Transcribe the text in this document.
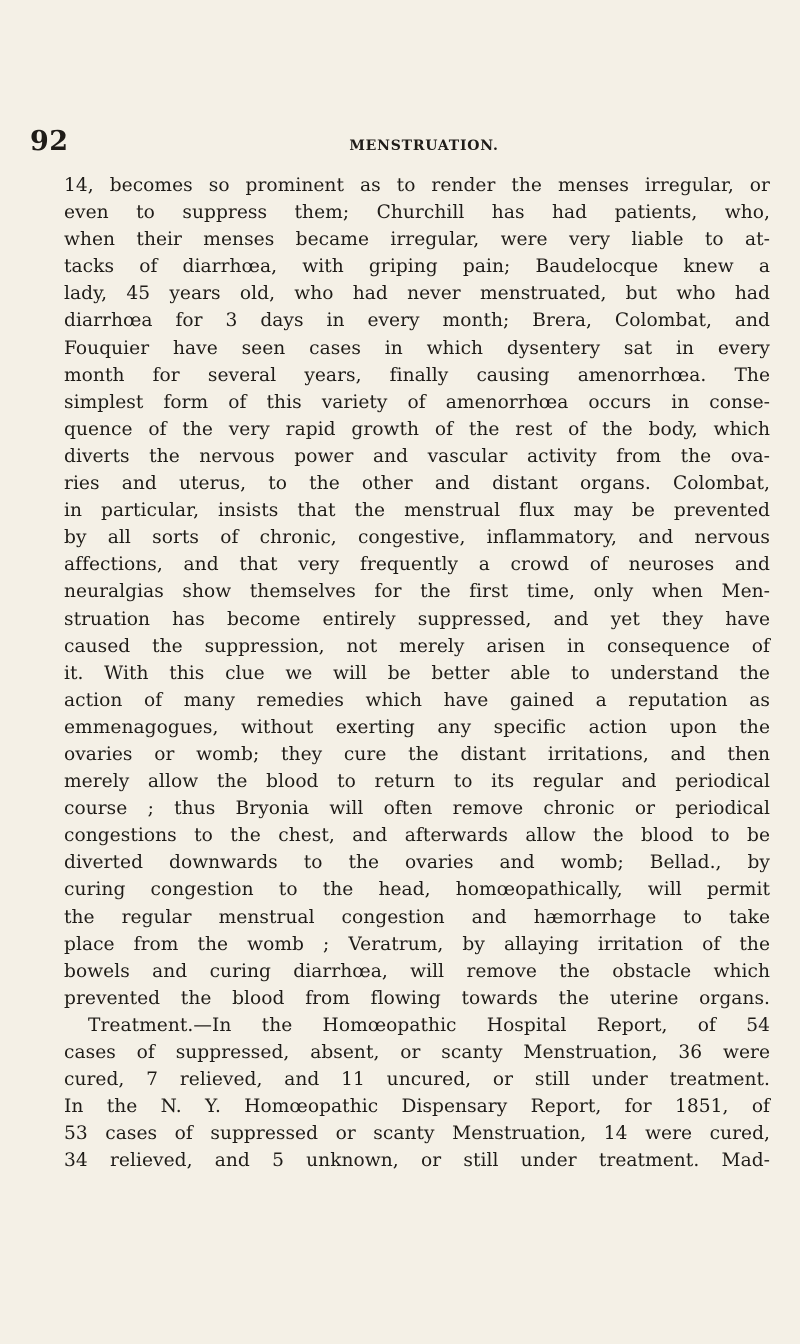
92	MENSTRUATION.
14, becomes so prominent as to render the menses irregular, or
even to suppress them; Churchill has had patients, who,
when their menses became irregular, were very liable to at-
tacks of diarrhœa, with griping pain; Baudelocque knew a
lady, 45 years old, who had never menstruated, but who had
diarrhœa for 3 days in every month; Brera, Colombat, and
Fouquier have seen cases in which dysentery sat in every
month for several years, finally causing amenorrhœa. The
simplest form of this variety of amenorrhœa occurs in conse-
quence of the very rapid growth of the rest of the body, which
diverts the nervous power and vascular activity from the ova-
ries and uterus, to the other and distant organs. Colombat,
in particular, insists that the menstrual flux may be prevented
by all sorts of chronic, congestive, inflammatory, and nervous
affections, and that very frequently a crowd of neuroses and
neuralgias show themselves for the first time, only when Men-
struation has become entirely suppressed, and yet they have
caused the suppression, not merely arisen in consequence of
it. With this clue we will be better able to understand the
action of many remedies which have gained a reputation as
emmenagogues, without exerting any specific action upon the
ovaries or womb; they cure the distant irritations, and then
merely allow the blood to return to its regular and periodical
course ; thus Bryonia will often remove chronic or periodical
congestions to the chest, and afterwards allow the blood to be
diverted downwards to the ovaries and womb; Bellad., by
curing congestion to the head, homœopathically, will permit
the regular menstrual congestion and hæmorrhage to take
place from the womb ; Veratrum, by allaying irritation of the
bowels and curing diarrhœa, will remove the obstacle which
prevented the blood from flowing towards the uterine organs.
Treatment.—In the Homœopathic Hospital Report, of 54
cases of suppressed, absent, or scanty Menstruation, 36 were
cured, 7 relieved, and 11 uncured, or still under treatment.
In the N. Y. Homœopathic Dispensary Report, for 1851, of
53 cases of suppressed or scanty Menstruation, 14 were cured,
34 relieved, and 5 unknown, or still under treatment. Mad-
